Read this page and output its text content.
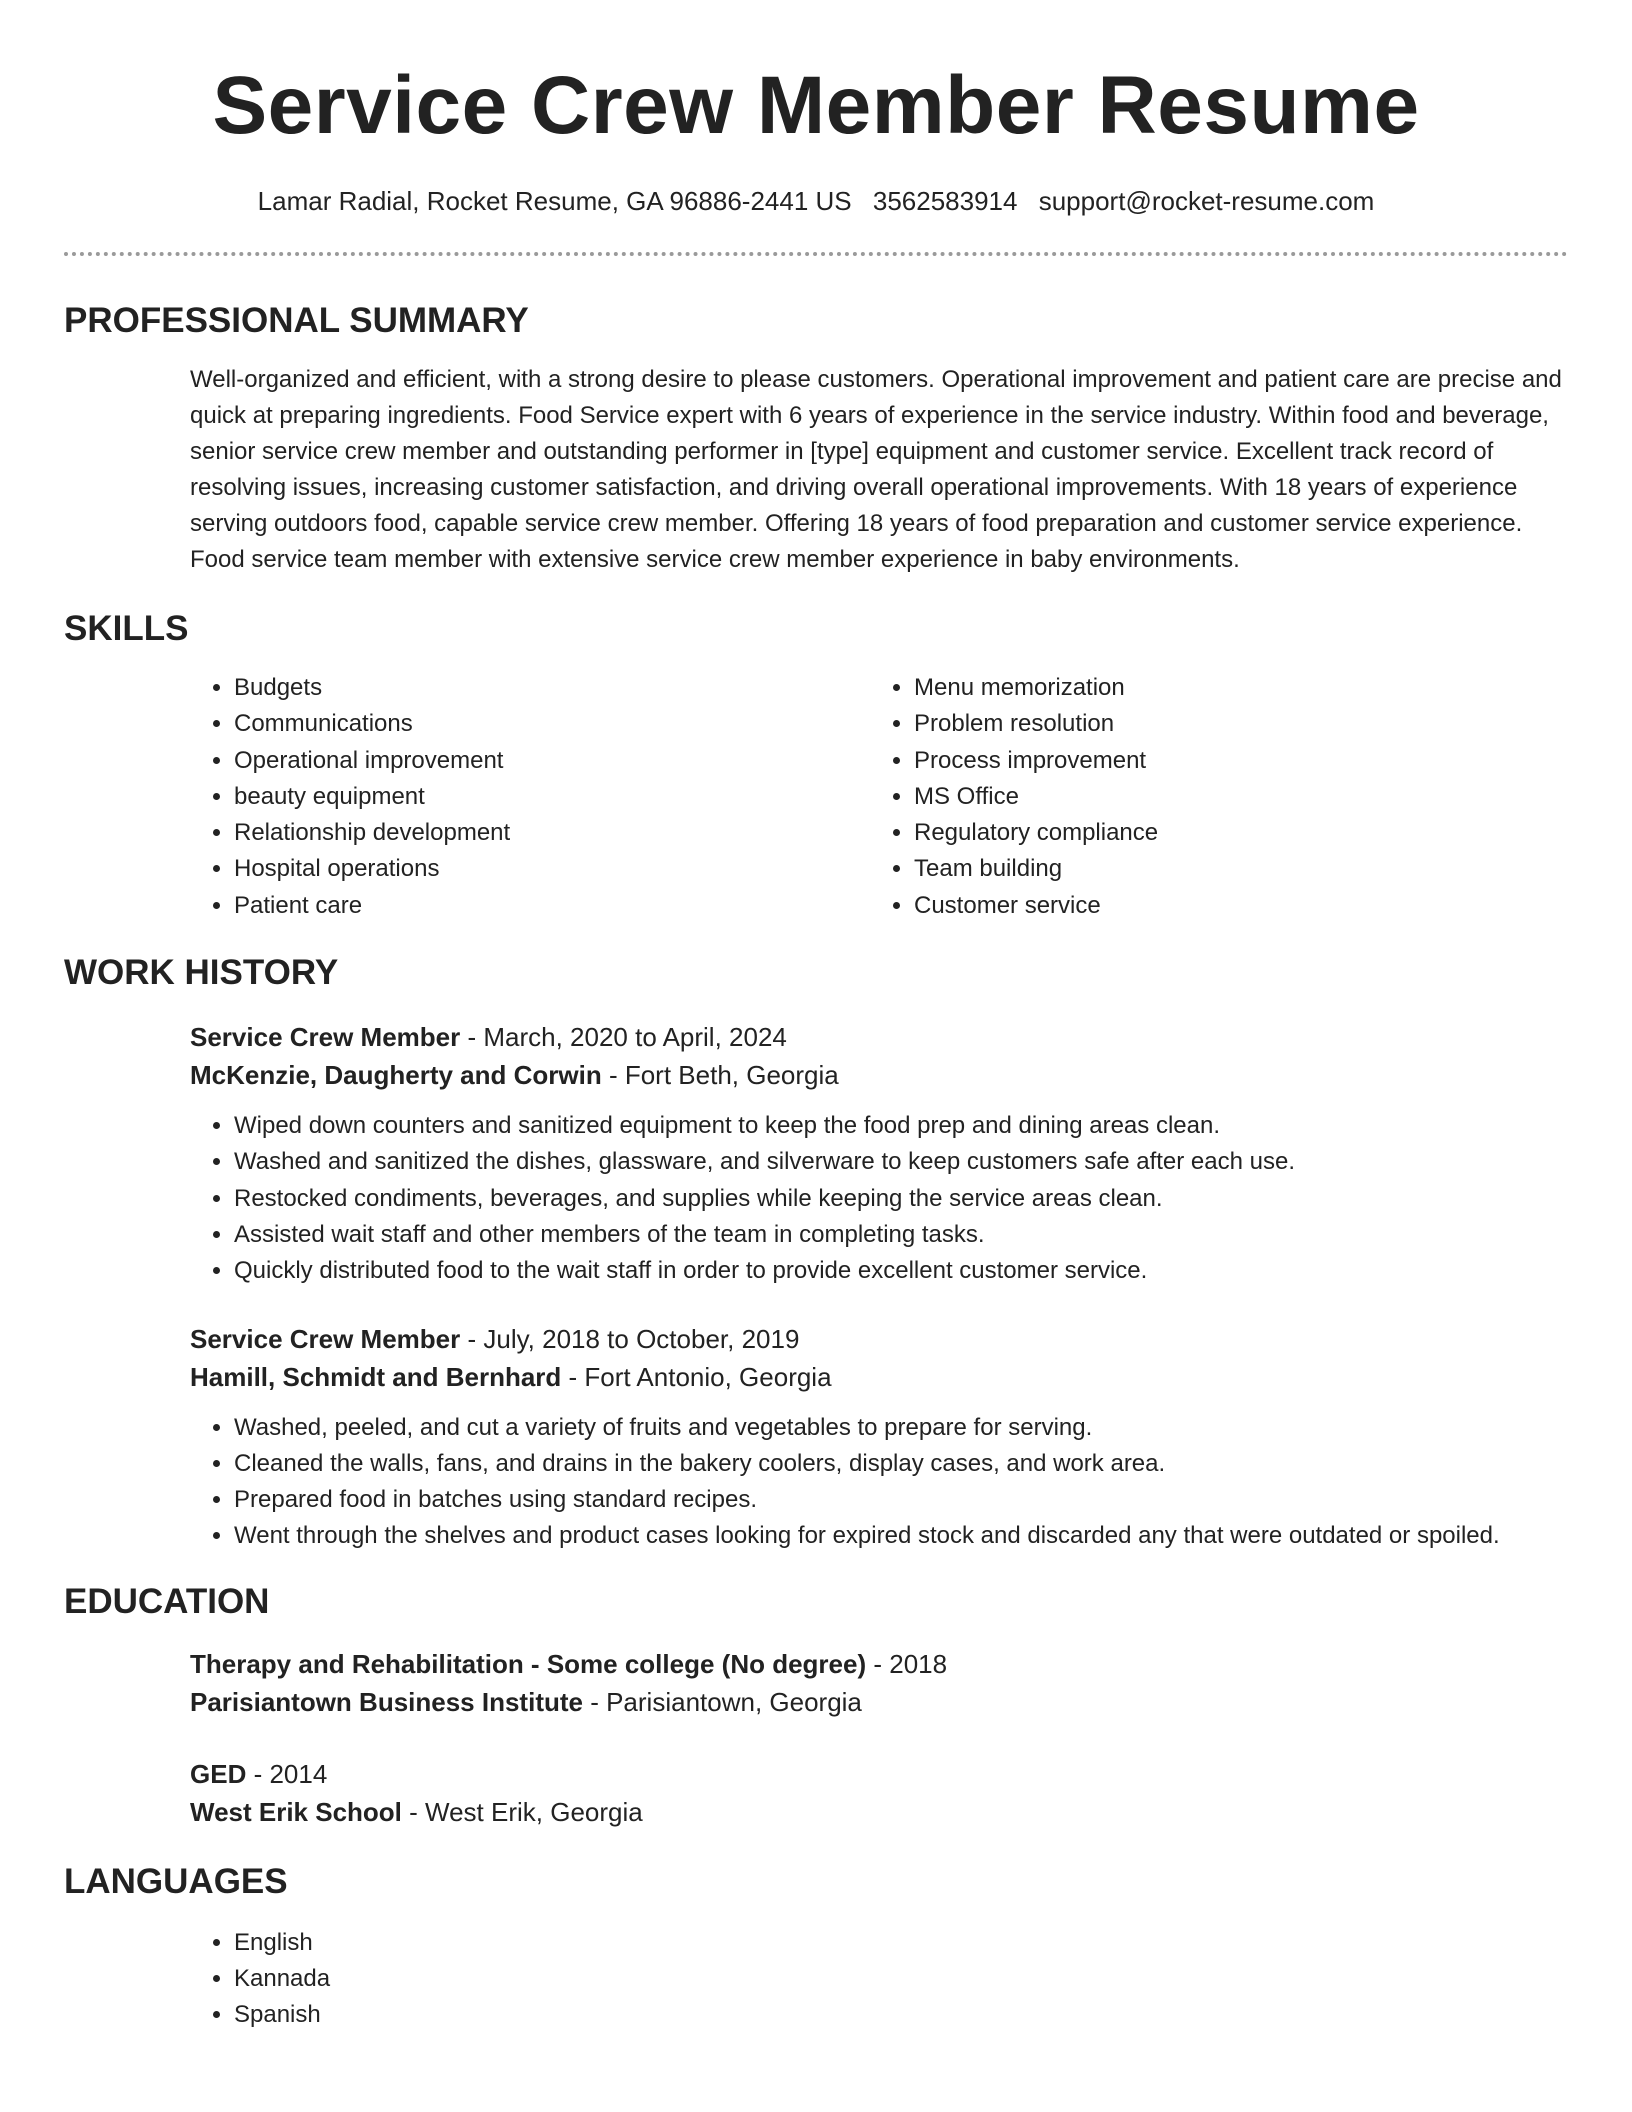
Service Crew Member Resume
Lamar Radial, Rocket Resume, GA 96886-2441 US 3562583914 support@rocket-resume.com
PROFESSIONAL SUMMARY
Well-organized and efficient, with a strong desire to please customers. Operational improvement and patient care are precise and quick at preparing ingredients. Food Service expert with 6 years of experience in the service industry. Within food and beverage, senior service crew member and outstanding performer in [type] equipment and customer service. Excellent track record of resolving issues, increasing customer satisfaction, and driving overall operational improvements. With 18 years of experience serving outdoors food, capable service crew member. Offering 18 years of food preparation and customer service experience. Food service team member with extensive service crew member experience in baby environments.
SKILLS
• Budgets
• Communications
• Operational improvement
• beauty equipment
• Relationship development
• Hospital operations
• Patient care
• Menu memorization
• Problem resolution
• Process improvement
• MS Office
• Regulatory compliance
• Team building
• Customer service
WORK HISTORY
Service Crew Member - March, 2020 to April, 2024
McKenzie, Daugherty and Corwin - Fort Beth, Georgia
• Wiped down counters and sanitized equipment to keep the food prep and dining areas clean.
• Washed and sanitized the dishes, glassware, and silverware to keep customers safe after each use.
• Restocked condiments, beverages, and supplies while keeping the service areas clean.
• Assisted wait staff and other members of the team in completing tasks.
• Quickly distributed food to the wait staff in order to provide excellent customer service.
Service Crew Member - July, 2018 to October, 2019
Hamill, Schmidt and Bernhard - Fort Antonio, Georgia
• Washed, peeled, and cut a variety of fruits and vegetables to prepare for serving.
• Cleaned the walls, fans, and drains in the bakery coolers, display cases, and work area.
• Prepared food in batches using standard recipes.
• Went through the shelves and product cases looking for expired stock and discarded any that were outdated or spoiled.
EDUCATION
Therapy and Rehabilitation - Some college (No degree) - 2018
Parisiantown Business Institute - Parisiantown, Georgia
GED - 2014
West Erik School - West Erik, Georgia
LANGUAGES
• English
• Kannada
• Spanish
